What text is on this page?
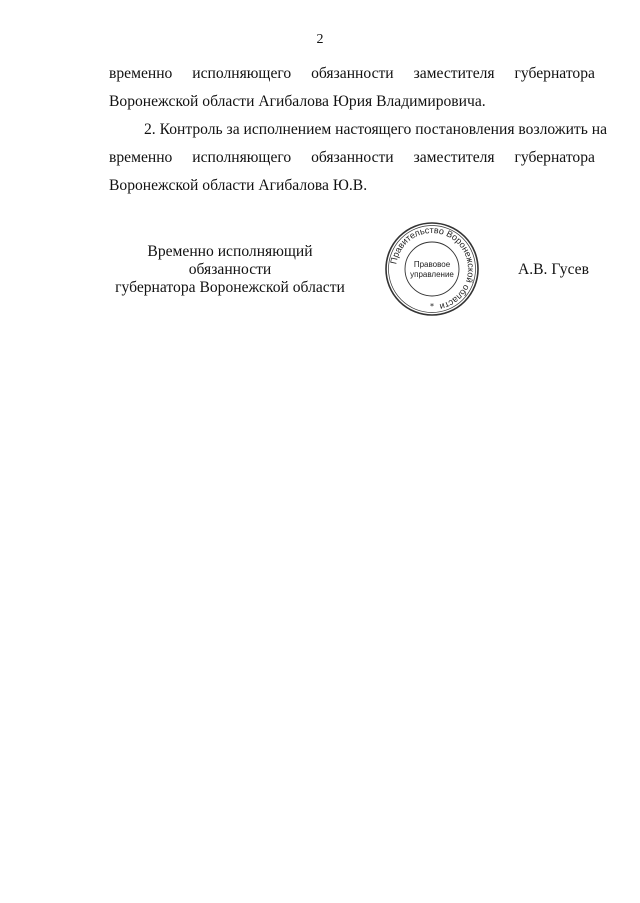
2
временно исполняющего обязанности заместителя губернатора
Воронежской области Агибалова Юрия Владимировича.
2. Контроль за исполнением настоящего постановления возложить на
временно исполняющего обязанности заместителя губернатора
Воронежской области Агибалова Ю.В.
Временно исполняющий обязанности
губернатора Воронежской области
Правительство Воронежской области
Правовое
управление
*
А.В. Гусев
